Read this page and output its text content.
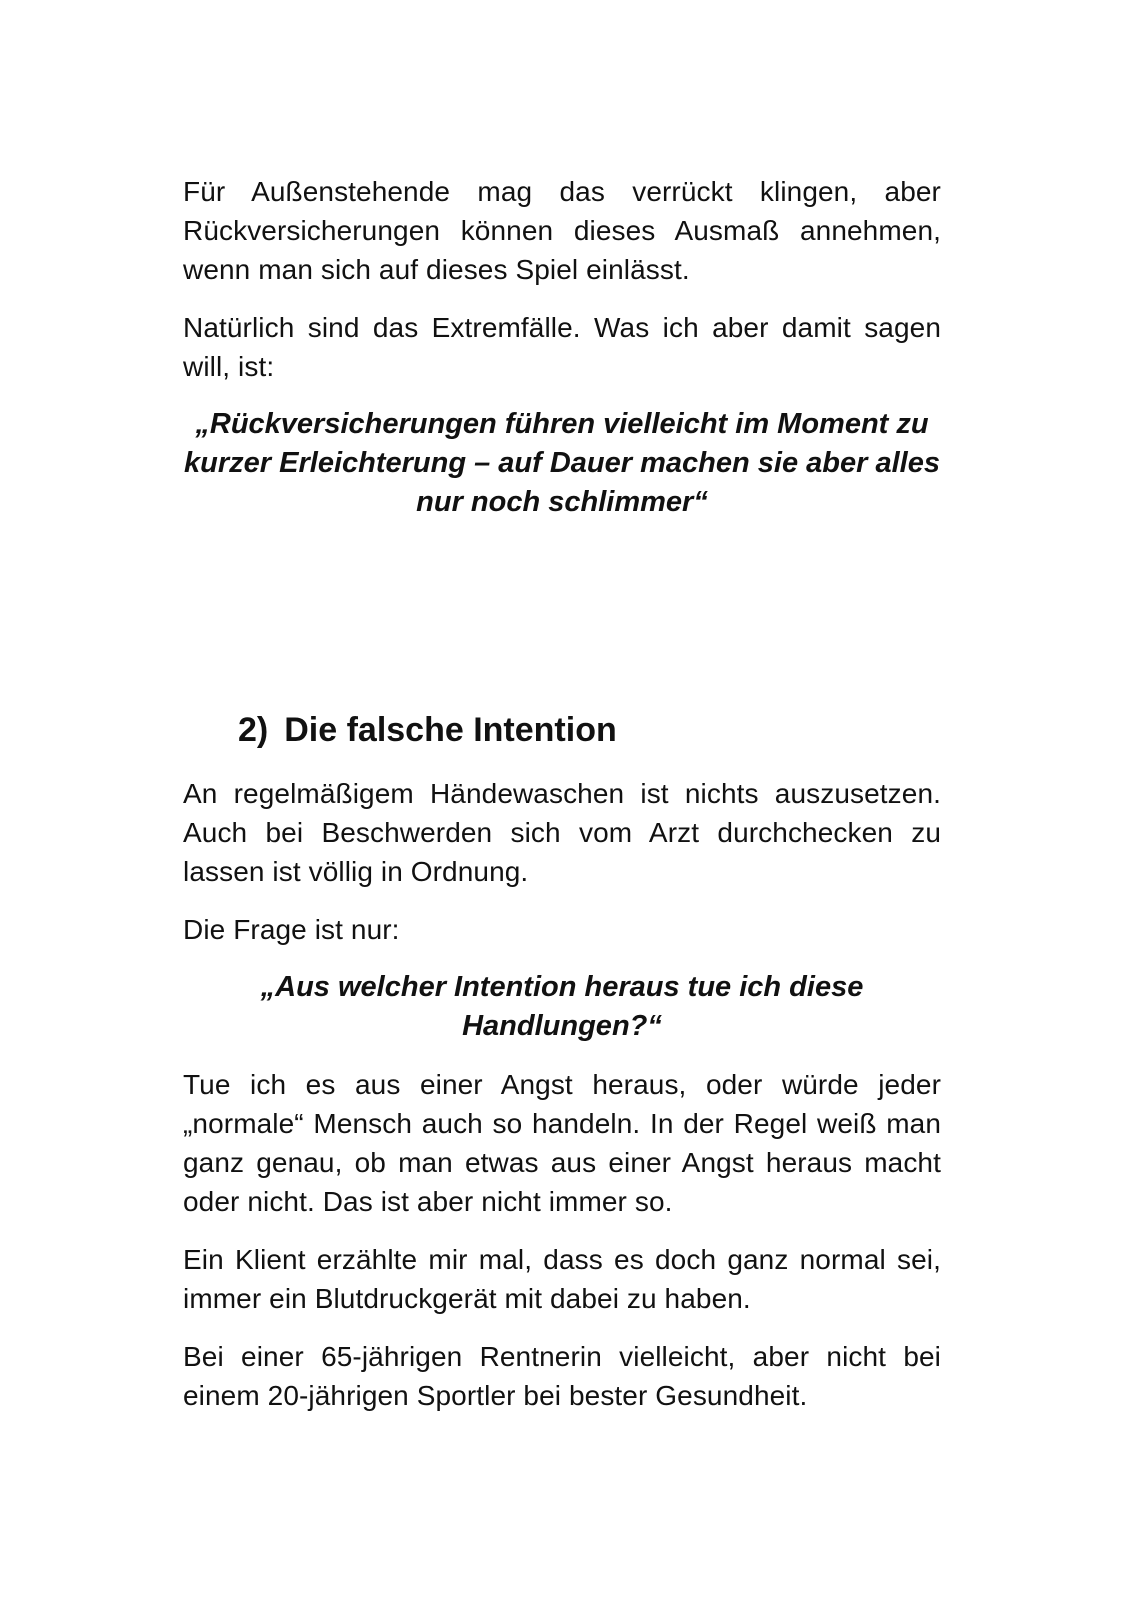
Für Außenstehende mag das verrückt klingen, aber Rückversicherungen können dieses Ausmaß annehmen, wenn man sich auf dieses Spiel einlässt.

Natürlich sind das Extremfälle. Was ich aber damit sagen will, ist:

„Rückversicherungen führen vielleicht im Moment zu kurzer Erleichterung – auf Dauer machen sie aber alles nur noch schlimmer“

2) Die falsche Intention

An regelmäßigem Händewaschen ist nichts auszusetzen. Auch bei Beschwerden sich vom Arzt durchchecken zu lassen ist völlig in Ordnung.

Die Frage ist nur:

„Aus welcher Intention heraus tue ich diese Handlungen?“

Tue ich es aus einer Angst heraus, oder würde jeder „normale“ Mensch auch so handeln. In der Regel weiß man ganz genau, ob man etwas aus einer Angst heraus macht oder nicht. Das ist aber nicht immer so.

Ein Klient erzählte mir mal, dass es doch ganz normal sei, immer ein Blutdruckgerät mit dabei zu haben.

Bei einer 65-jährigen Rentnerin vielleicht, aber nicht bei einem 20-jährigen Sportler bei bester Gesundheit.
